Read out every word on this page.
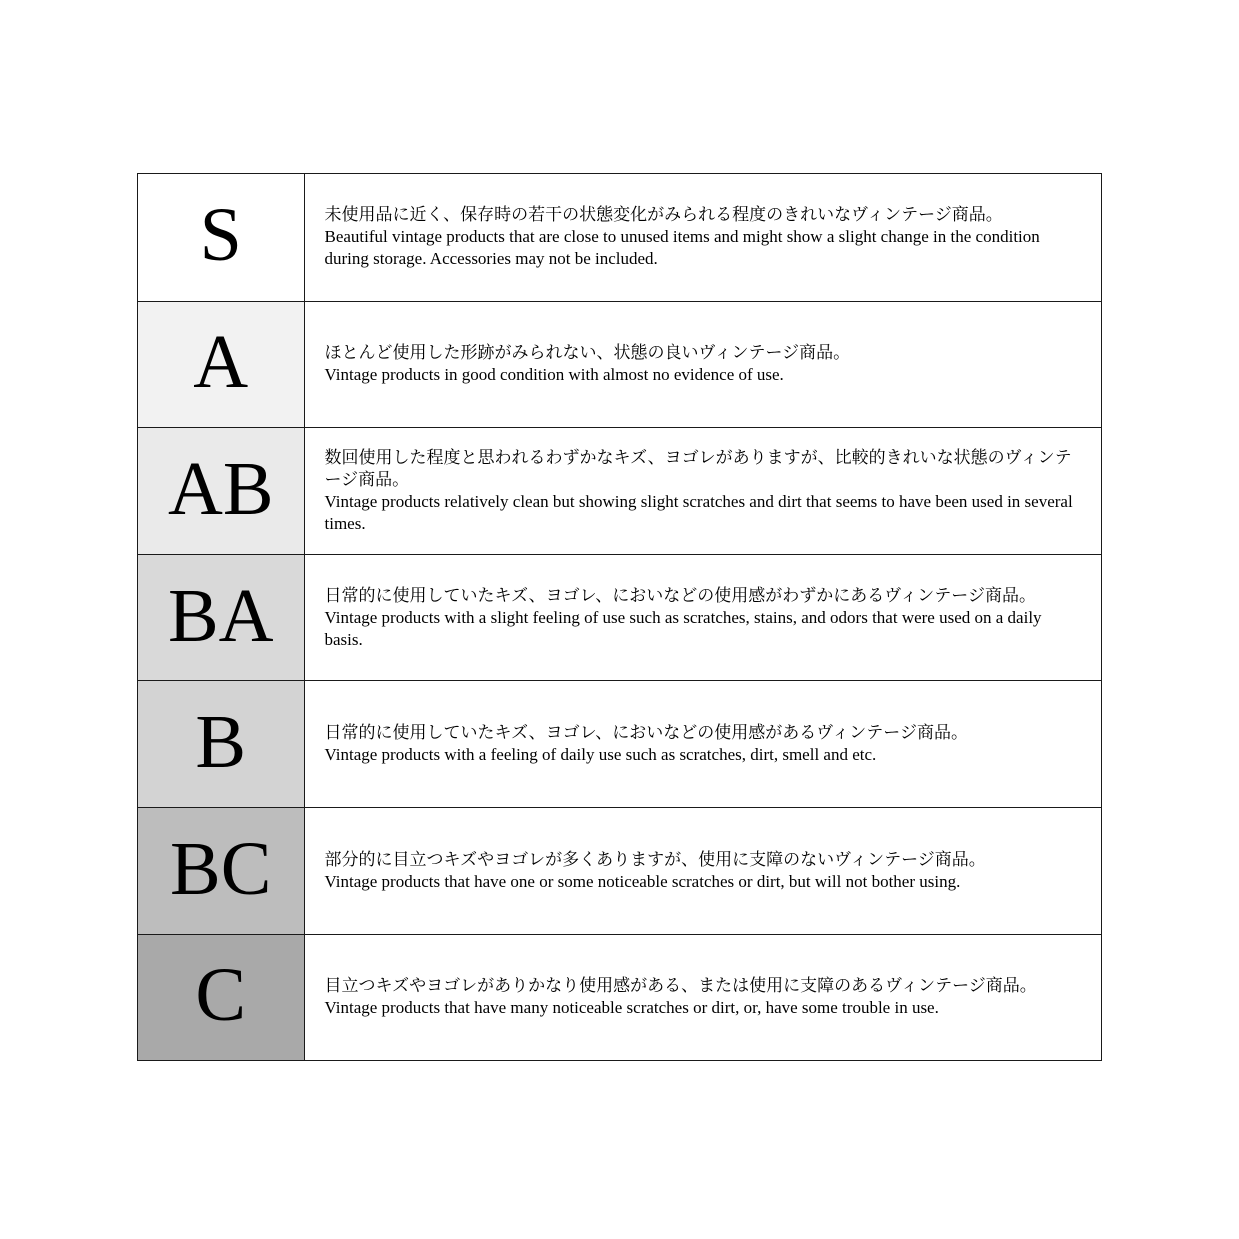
S	未使用品に近く、保存時の若干の状態変化がみられる程度のきれいなヴィンテージ商品。

Beautiful vintage products that are close to unused items and might show a slight change in the condition during storage. Accessories may not be included.

A	ほとんど使用した形跡がみられない、状態の良いヴィンテージ商品。

Vintage products in good condition with almost no evidence of use.

AB	数回使用した程度と思われるわずかなキズ、ヨゴレがありますが、比較的きれいな状態のヴィンテージ商品。

Vintage products relatively clean but showing slight scratches and dirt that seems to have been used in several times.

BA	日常的に使用していたキズ、ヨゴレ、においなどの使用感がわずかにあるヴィンテージ商品。

Vintage products with a slight feeling of use such as scratches, stains, and odors that were used on a daily basis.

B	日常的に使用していたキズ、ヨゴレ、においなどの使用感があるヴィンテージ商品。

Vintage products with a feeling of daily use such as scratches, dirt, smell and etc.

BC	部分的に目立つキズやヨゴレが多くありますが、使用に支障のないヴィンテージ商品。

Vintage products that have one or some noticeable scratches or dirt, but will not bother using.

C	目立つキズやヨゴレがありかなり使用感がある、または使用に支障のあるヴィンテージ商品。

Vintage products that have many noticeable scratches or dirt, or, have some trouble in use.
